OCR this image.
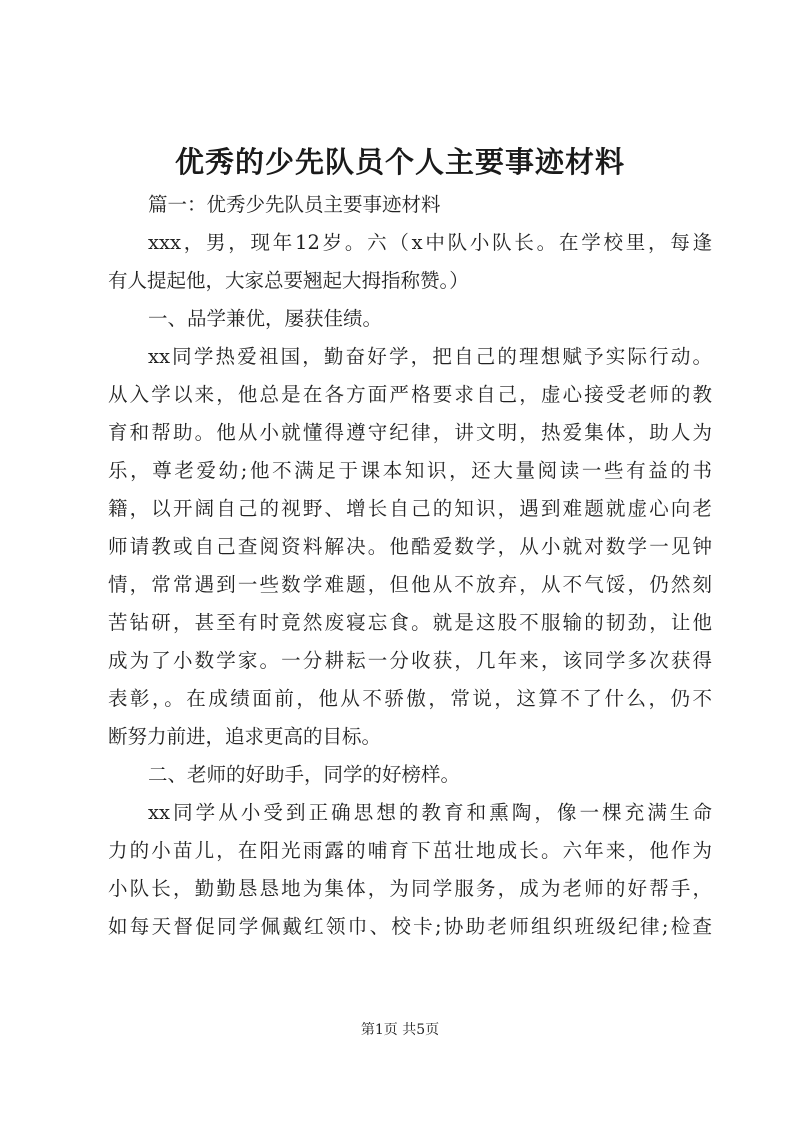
优秀的少先队员个人主要事迹材料
篇一：优秀少先队员主要事迹材料
xxx，男，现年12岁。六（x中队小队长。在学校里，每逢
有人提起他，大家总要翘起大拇指称赞。）
一、品学兼优，屡获佳绩。
xx同学热爱祖国，勤奋好学，把自己的理想赋予实际行动。
从入学以来，他总是在各方面严格要求自己，虚心接受老师的教
育和帮助。他从小就懂得遵守纪律，讲文明，热爱集体，助人为
乐，尊老爱幼;他不满足于课本知识，还大量阅读一些有益的书
籍，以开阔自己的视野、增长自己的知识，遇到难题就虚心向老
师请教或自己查阅资料解决。他酷爱数学，从小就对数学一见钟
情，常常遇到一些数学难题，但他从不放弃，从不气馁，仍然刻
苦钻研，甚至有时竟然废寝忘食。就是这股不服输的韧劲，让他
成为了小数学家。一分耕耘一分收获，几年来，该同学多次获得
表彰，。在成绩面前，他从不骄傲，常说，这算不了什么，仍不
断努力前进，追求更高的目标。
二、老师的好助手，同学的好榜样。
xx同学从小受到正确思想的教育和熏陶，像一棵充满生命
力的小苗儿，在阳光雨露的哺育下茁壮地成长。六年来，他作为
小队长，勤勤恳恳地为集体，为同学服务，成为老师的好帮手，
如每天督促同学佩戴红领巾、校卡;协助老师组织班级纪律;检查
第1页 共5页
